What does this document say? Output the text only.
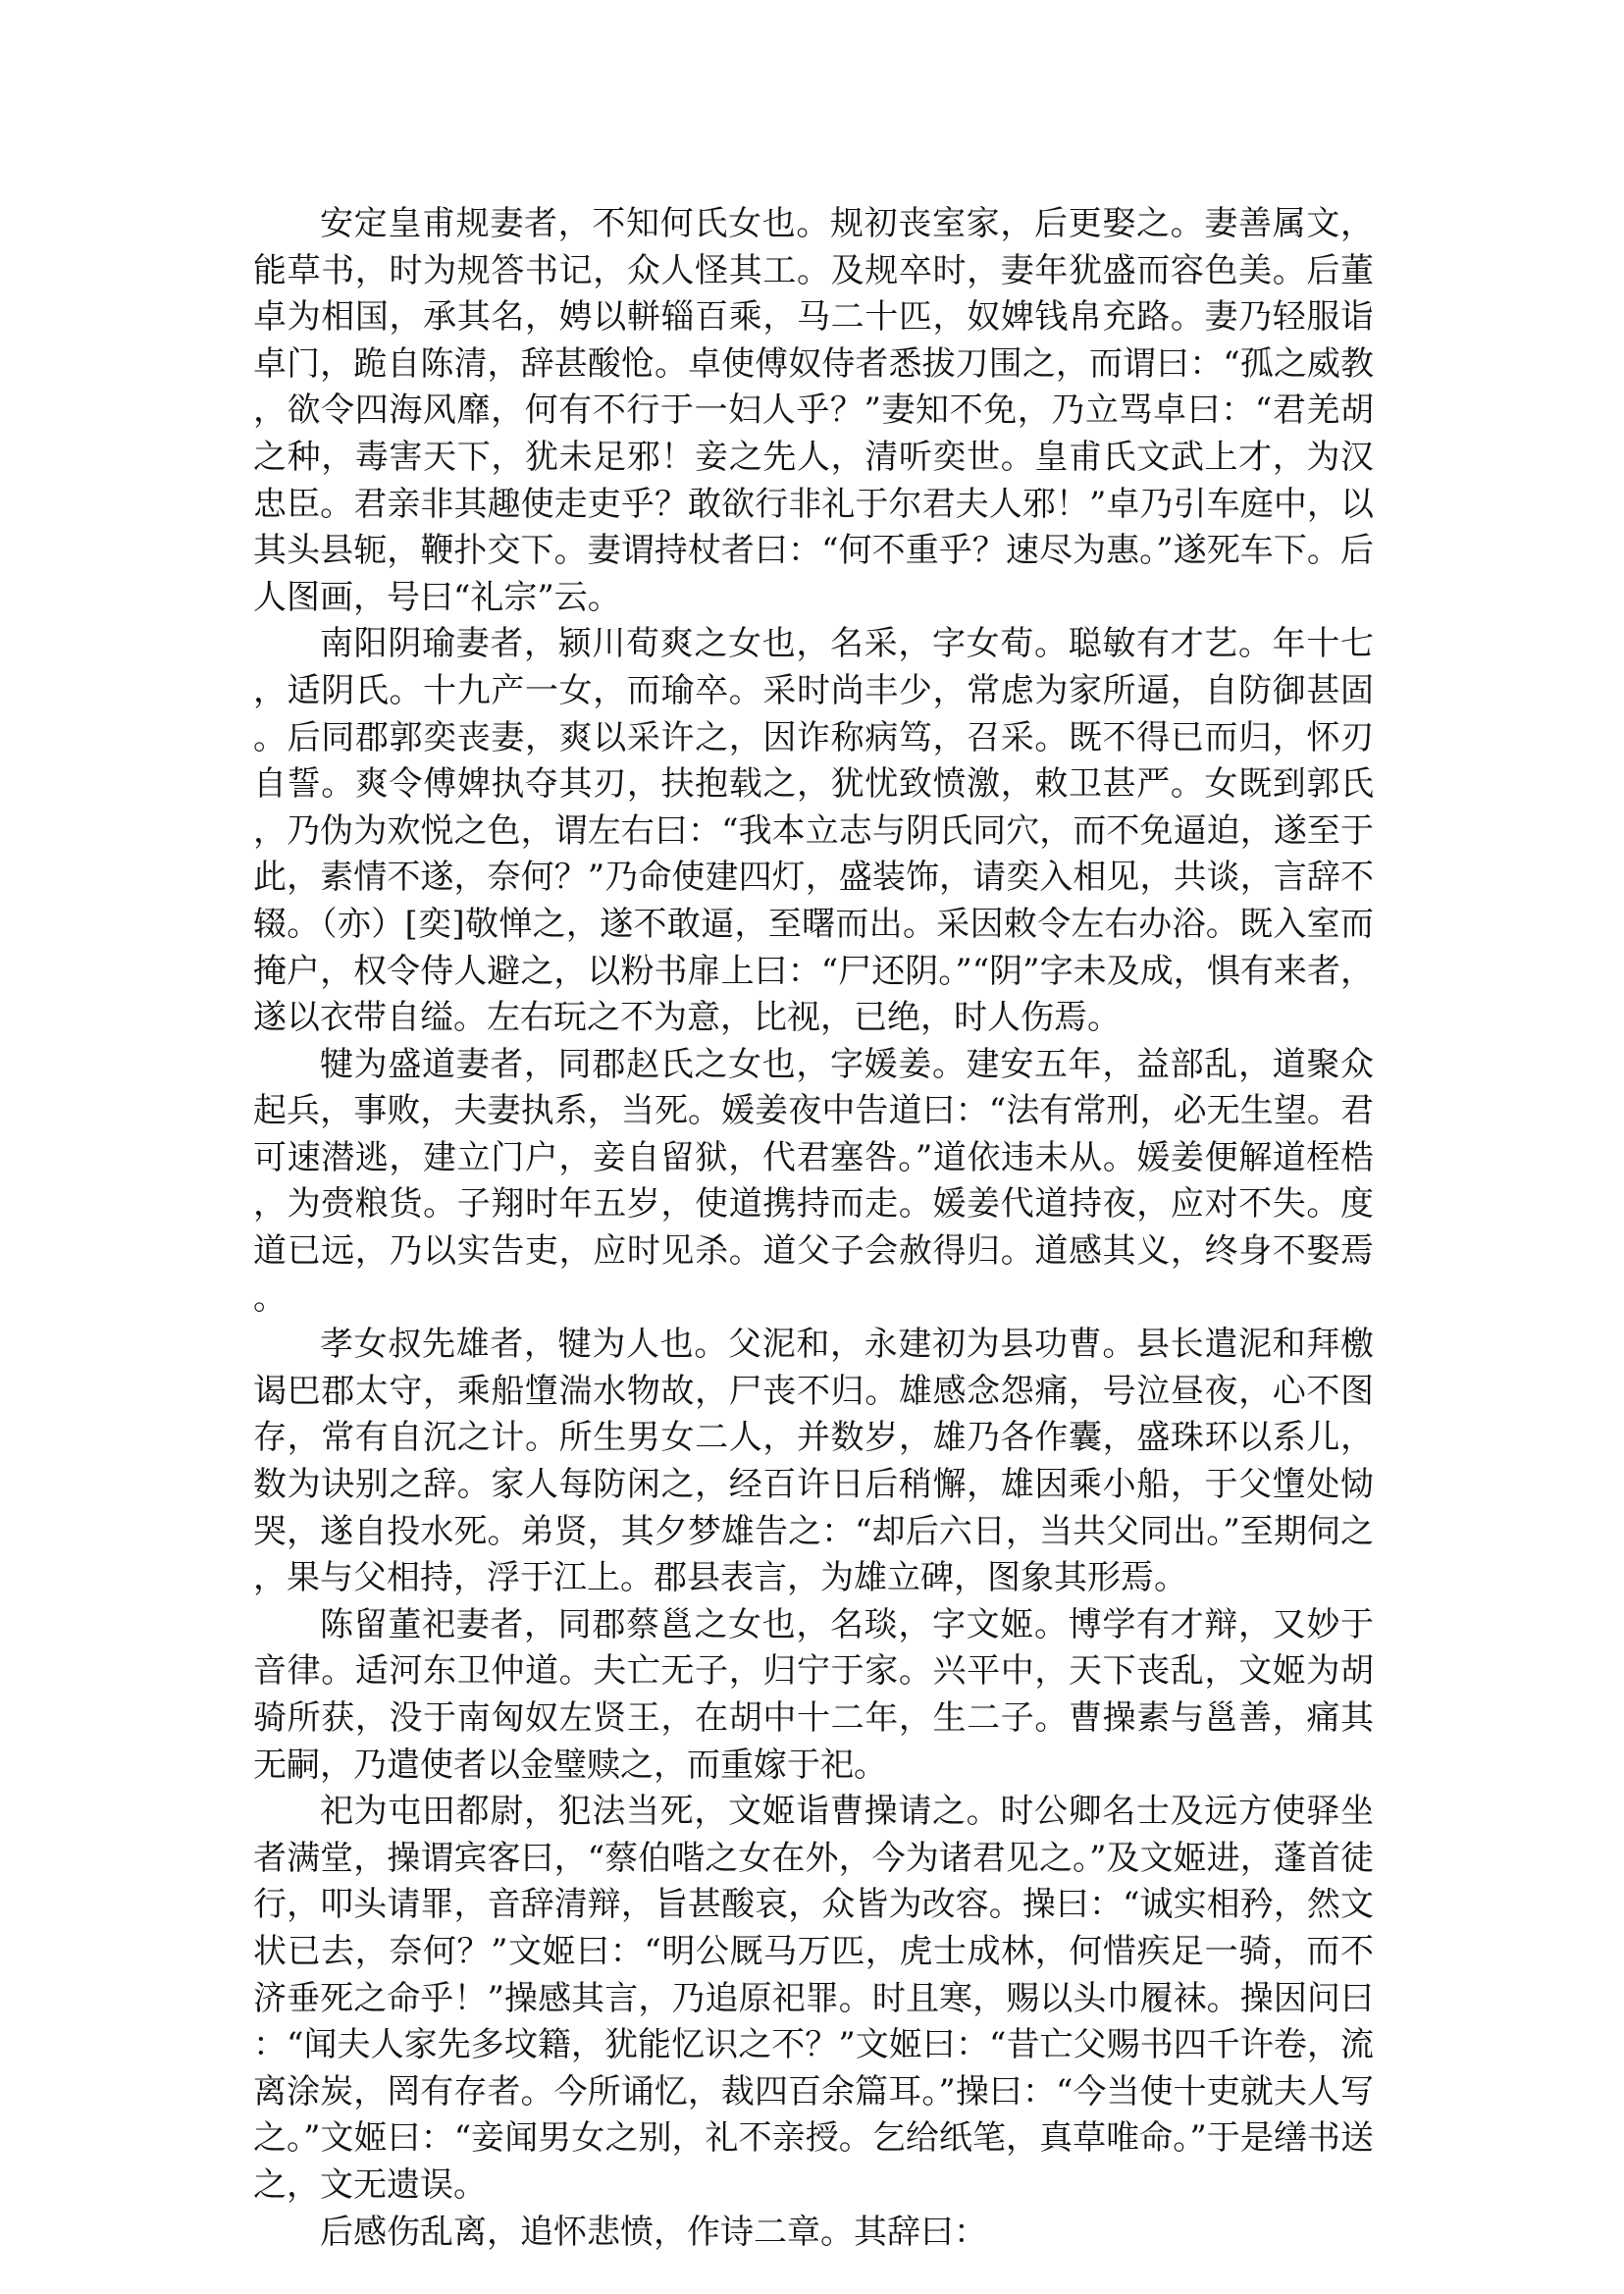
安定皇甫规妻者，不知何氏女也。规初丧室家，后更娶之。妻善属文，能草书，时为规答书记，众人怪其工。及规卒时，妻年犹盛而容色美。后董卓为相国，承其名，娉以軿辎百乘，马二十匹，奴婢钱帛充路。妻乃轻服诣卓门，跪自陈清，辞甚酸怆。卓使傅奴侍者悉拔刀围之，而谓曰：“孤之威教，欲令四海风靡，何有不行于一妇人乎？”妻知不免，乃立骂卓曰：“君羌胡之种，毒害天下，犹未足邪！妾之先人，清听奕世。皇甫氏文武上才，为汉忠臣。君亲非其趣使走吏乎？敢欲行非礼于尔君夫人邪！”卓乃引车庭中，以其头县轭，鞭扑交下。妻谓持杖者曰：“何不重乎？速尽为惠。”遂死车下。后人图画，号曰“礼宗”云。

南阳阴瑜妻者，颍川荀爽之女也，名采，字女荀。聪敏有才艺。年十七，适阴氏。十九产一女，而瑜卒。采时尚丰少，常虑为家所逼，自防御甚固。后同郡郭奕丧妻，爽以采许之，因诈称病笃，召采。既不得已而归，怀刃自誓。爽令傅婢执夺其刃，扶抱载之，犹忧致愤激，敕卫甚严。女既到郭氏，乃伪为欢悦之色，谓左右曰：“我本立志与阴氏同穴，而不免逼迫，遂至于此，素情不遂，奈何？”乃命使建四灯，盛装饰，请奕入相见，共谈，言辞不辍。（亦）[奕]敬惮之，遂不敢逼，至曙而出。采因敕令左右办浴。既入室而掩户，权令侍人避之，以粉书扉上曰：“尸还阴。”“阴”字未及成，惧有来者，遂以衣带自缢。左右玩之不为意，比视，已绝，时人伤焉。

犍为盛道妻者，同郡赵氏之女也，字媛姜。建安五年，益部乱，道聚众起兵，事败，夫妻执系，当死。媛姜夜中告道曰：“法有常刑，必无生望。君可速潜逃，建立门户，妾自留狱，代君塞咎。”道依违未从。媛姜便解道桎梏，为赍粮货。子翔时年五岁，使道携持而走。媛姜代道持夜，应对不失。度道已远，乃以实告吏，应时见杀。道父子会赦得归。道感其义，终身不娶焉。

孝女叔先雄者，犍为人也。父泥和，永建初为县功曹。县长遣泥和拜檄谒巴郡太守，乘船墯湍水物故，尸丧不归。雄感念怨痛，号泣昼夜，心不图存，常有自沉之计。所生男女二人，并数岁，雄乃各作囊，盛珠环以系儿，数为诀别之辞。家人每防闲之，经百许日后稍懈，雄因乘小船，于父墯处恸哭，遂自投水死。弟贤，其夕梦雄告之：“却后六日，当共父同出。”至期伺之，果与父相持，浮于江上。郡县表言，为雄立碑，图象其形焉。

陈留董祀妻者，同郡蔡邕之女也，名琰，字文姬。博学有才辩，又妙于音律。适河东卫仲道。夫亡无子，归宁于家。兴平中，天下丧乱，文姬为胡骑所获，没于南匈奴左贤王，在胡中十二年，生二子。曹操素与邕善，痛其无嗣，乃遣使者以金璧赎之，而重嫁于祀。

祀为屯田都尉，犯法当死，文姬诣曹操请之。时公卿名士及远方使驿坐者满堂，操谓宾客曰，“蔡伯喈之女在外，今为诸君见之。”及文姬进，蓬首徒行，叩头请罪，音辞清辩，旨甚酸哀，众皆为改容。操曰：“诚实相矜，然文状已去，奈何？”文姬曰：“明公厩马万匹，虎士成林，何惜疾足一骑，而不济垂死之命乎！”操感其言，乃追原祀罪。时且寒，赐以头巾履袜。操因问曰：“闻夫人家先多坟籍，犹能忆识之不？”文姬曰：“昔亡父赐书四千许卷，流离涂炭，罔有存者。今所诵忆，裁四百余篇耳。”操曰：“今当使十吏就夫人写之。”文姬曰：“妾闻男女之别，礼不亲授。乞给纸笔，真草唯命。”于是缮书送之，文无遗误。

后感伤乱离，追怀悲愤，作诗二章。其辞曰：
